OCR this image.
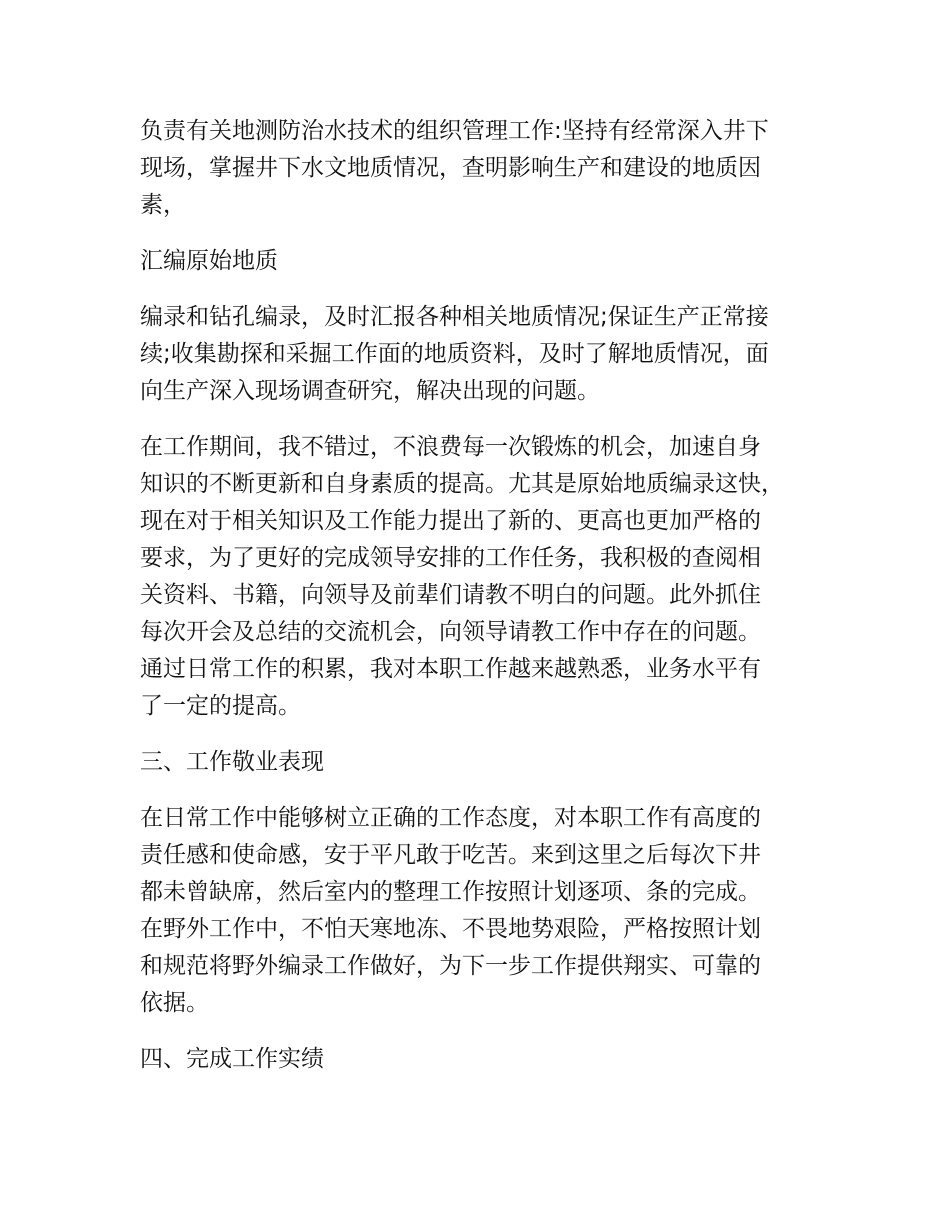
负责有关地测防治水技术的组织管理工作:坚持有经常深入井下
现场，掌握井下水文地质情况，查明影响生产和建设的地质因
素，

汇编原始地质

编录和钻孔编录，及时汇报各种相关地质情况;保证生产正常接
续;收集勘探和采掘工作面的地质资料，及时了解地质情况，面
向生产深入现场调查研究，解决出现的问题。

在工作期间，我不错过，不浪费每一次锻炼的机会，加速自身
知识的不断更新和自身素质的提高。尤其是原始地质编录这快，
现在对于相关知识及工作能力提出了新的、更高也更加严格的
要求，为了更好的完成领导安排的工作任务，我积极的查阅相
关资料、书籍，向领导及前辈们请教不明白的问题。此外抓住
每次开会及总结的交流机会，向领导请教工作中存在的问题。
通过日常工作的积累，我对本职工作越来越熟悉，业务水平有
了一定的提高。

三、工作敬业表现

在日常工作中能够树立正确的工作态度，对本职工作有高度的
责任感和使命感，安于平凡敢于吃苦。来到这里之后每次下井
都未曾缺席，然后室内的整理工作按照计划逐项、条的完成。
在野外工作中，不怕天寒地冻、不畏地势艰险，严格按照计划
和规范将野外编录工作做好，为下一步工作提供翔实、可靠的
依据。

四、完成工作实绩
